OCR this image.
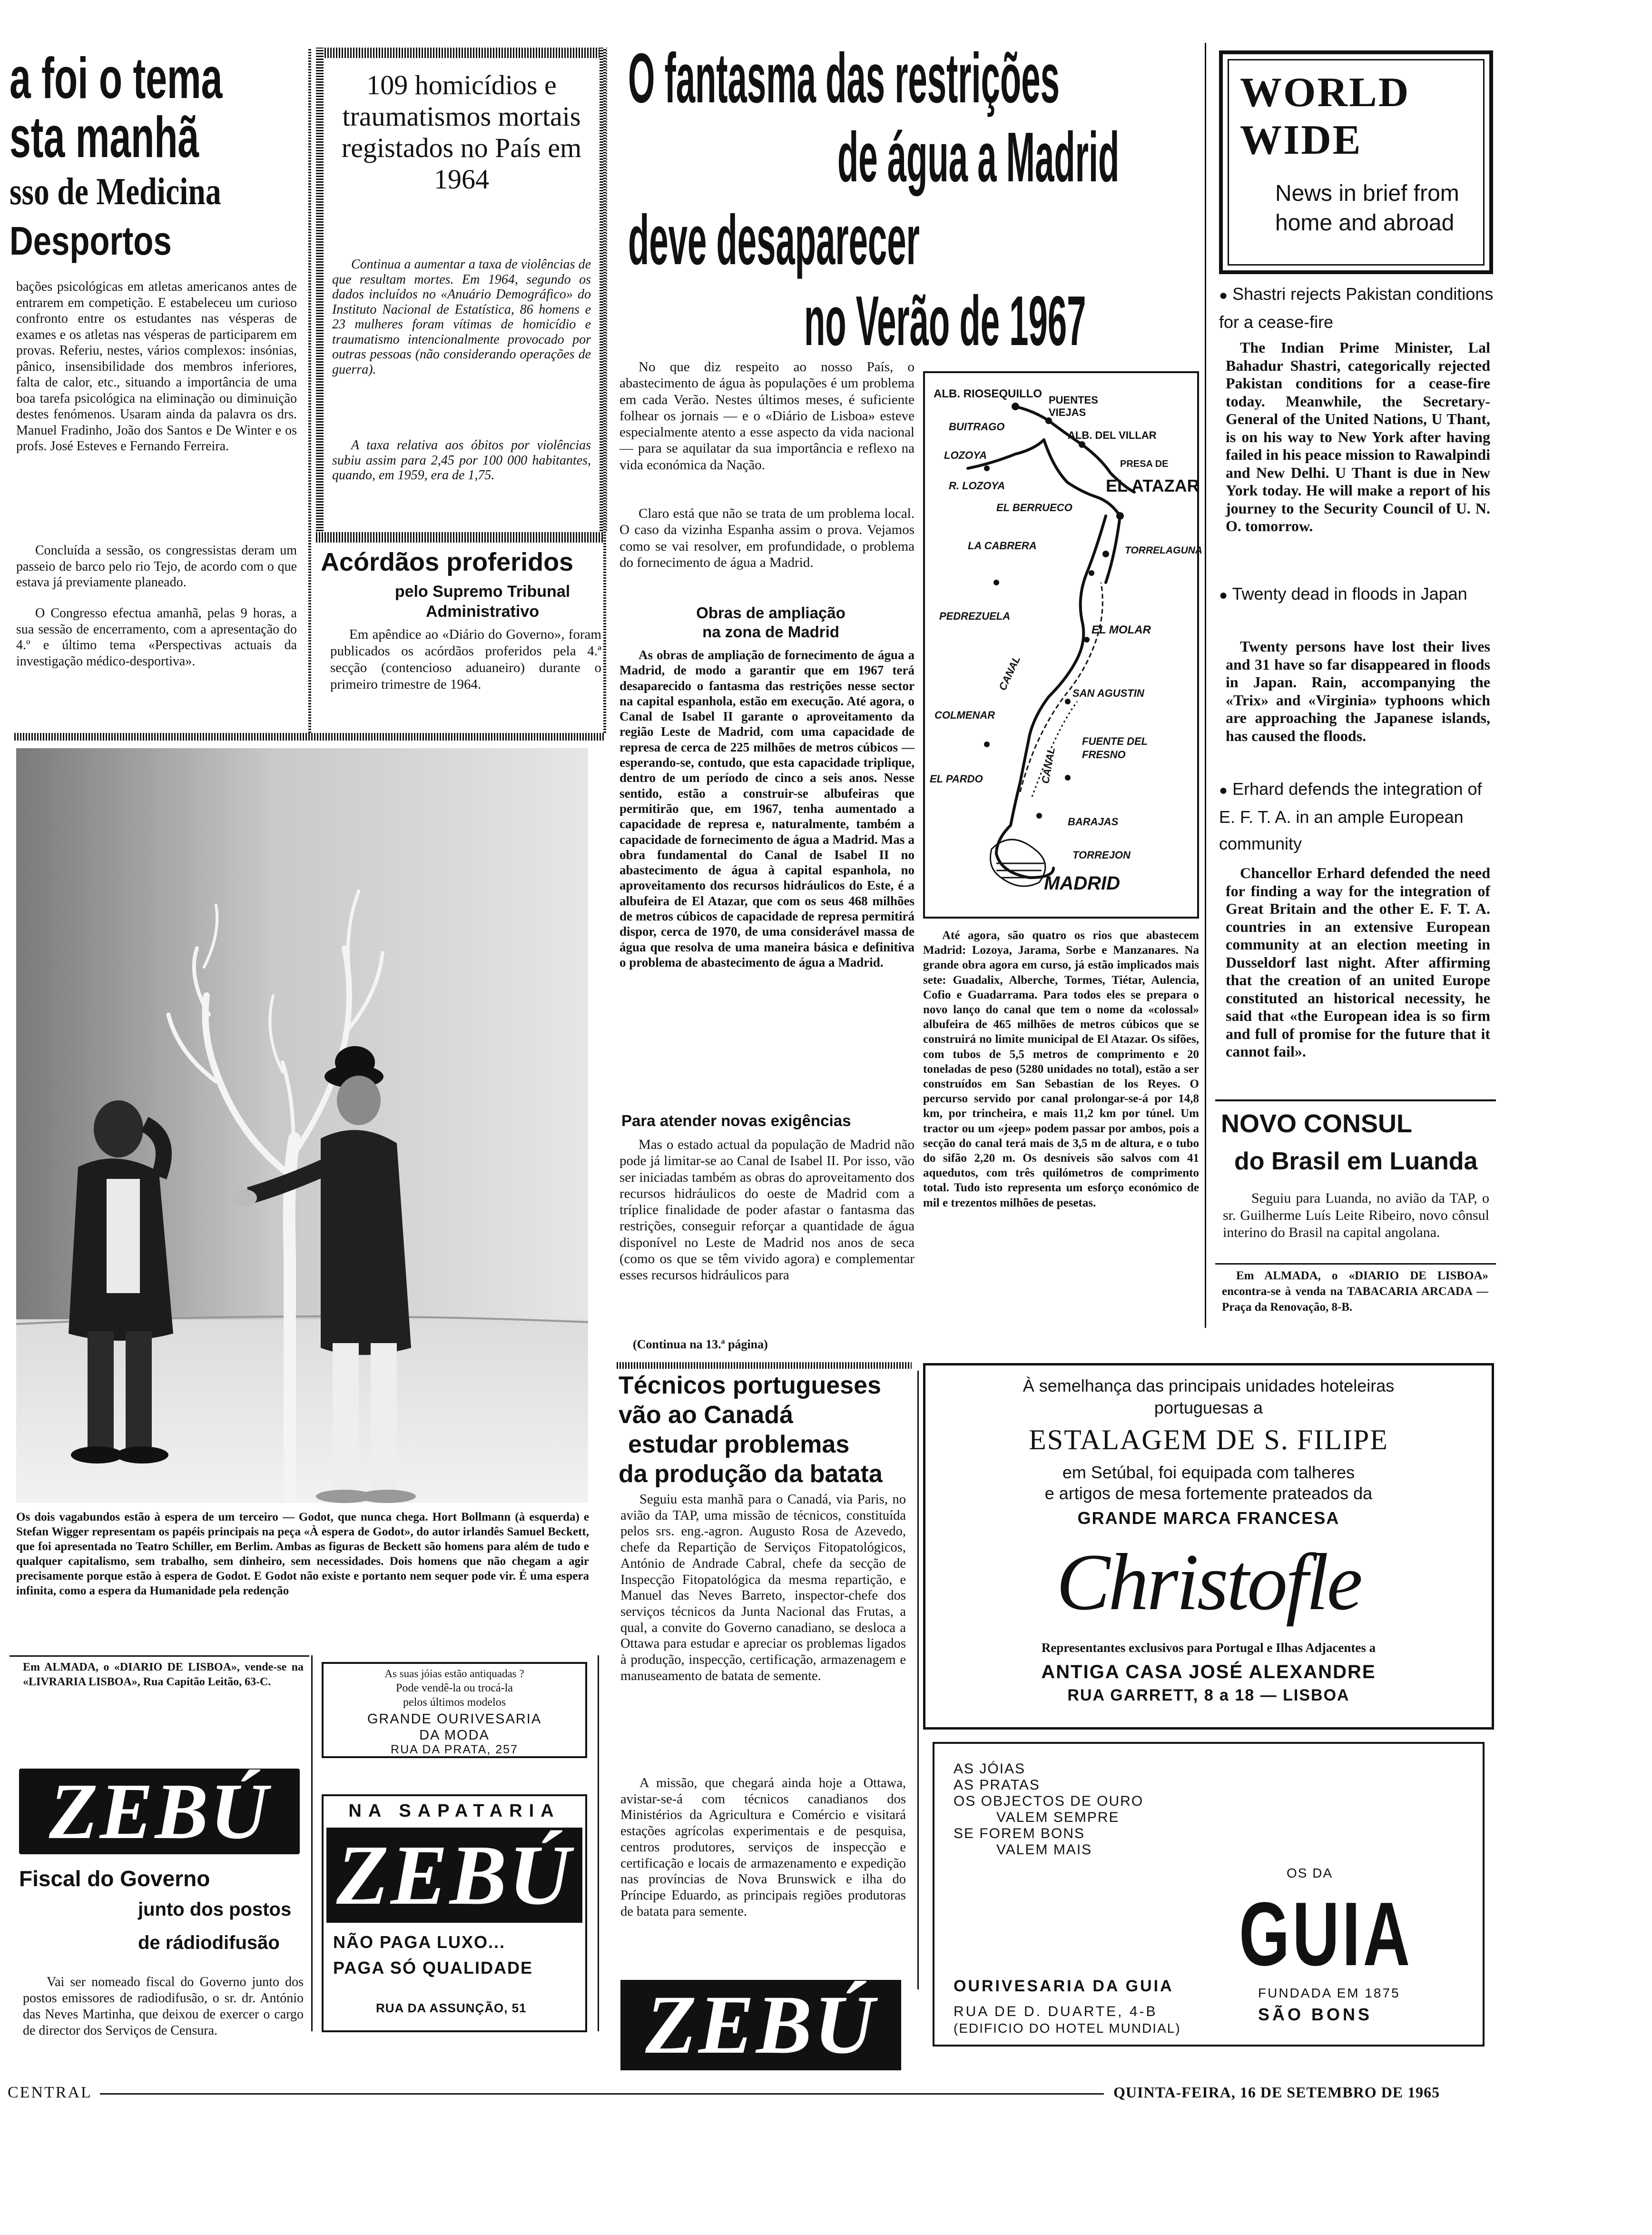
a foi o tema
sta manhã
sso de Medicina
Desportos
bações psicológicas em atletas americanos antes de entrarem em competição. E estabeleceu um curioso confronto entre os estudantes nas vésperas de exames e os atletas nas vésperas de participarem em provas. Referiu, nestes, vários complexos: insónias, pânico, insensibilidade dos membros inferiores, falta de calor, etc., situando a importância de uma boa tarefa psicológica na eliminação ou diminuição destes fenómenos. Usaram ainda da palavra os drs. Manuel Fradinho, João dos Santos e De Winter e os profs. José Esteves e Fernando Ferreira.
Concluída a sessão, os congressistas deram um passeio de barco pelo rio Tejo, de acordo com o que estava já previamente planeado.
O Congresso efectua amanhã, pelas 9 horas, a sua sessão de encerramento, com a apresentação do 4.º e último tema «Perspectivas actuais da investigação médico-desportiva».
109 homicídios e traumatismos mortais registados no País em 1964
Continua a aumentar a taxa de violências de que resultam mortes. Em 1964, segundo os dados incluídos no «Anuário Demográfico» do Instituto Nacional de Estatística, 86 homens e 23 mulheres foram vítimas de homicídio e traumatismo intencionalmente provocado por outras pessoas (não considerando operações de guerra).
A taxa relativa aos óbitos por violências subiu assim para 2,45 por 100 000 habitantes, quando, em 1959, era de 1,75.
Acórdãos proferidos
pelo Supremo Tribunal Administrativo
Em apêndice ao «Diário do Governo», foram publicados os acórdãos proferidos pela 4.ª secção (contencioso aduaneiro) durante o primeiro trimestre de 1964.
Os dois vagabundos estão à espera de um terceiro — Godot, que nunca chega. Hort Bollmann (à esquerda) e Stefan Wigger representam os papéis principais na peça «À espera de Godot», do autor irlandês Samuel Beckett, que foi apresentada no Teatro Schiller, em Berlim. Ambas as figuras de Beckett são homens para além de tudo e qualquer capitalismo, sem trabalho, sem dinheiro, sem necessidades. Dois homens que não chegam a agir precisamente porque estão à espera de Godot. E Godot não existe e portanto nem sequer pode vir. É uma espera infinita, como a espera da Humanidade pela redenção
Em ALMADA, o «DIARIO DE LISBOA», vende-se na «LIVRARIA LISBOA», Rua Capitão Leitão, 63-C.
ZEBÚ
Fiscal do Governo
junto dos postos
de rádiodifusão
Vai ser nomeado fiscal do Governo junto dos postos emissores de radiodifusão, o sr. dr. António das Neves Martinha, que deixou de exercer o cargo de director dos Serviços de Censura.
As suas jóias estão antiquadas ?
Pode vendê-la ou trocá-la
pelos últimos modelos
GRANDE OURIVESARIA
DA MODA
RUA DA PRATA, 257
NA SAPATARIA
ZEBÚ
NÃO PAGA LUXO...
PAGA SÓ QUALIDADE
RUA DA ASSUNÇÃO, 51
O fantasma das restrições
de água a Madrid
deve desaparecer
no Verão de 1967
No que diz respeito ao nosso País, o abastecimento de água às populações é um problema em cada Verão. Nestes últimos meses, é suficiente folhear os jornais — e o «Diário de Lisboa» esteve especialmente atento a esse aspecto da vida nacional — para se aquilatar da sua importância e reflexo na vida económica da Nação.
Claro está que não se trata de um problema local. O caso da vizinha Espanha assim o prova. Vejamos como se vai resolver, em profundidade, o problema do fornecimento de água a Madrid.
Obras de ampliação na zona de Madrid
As obras de ampliação de fornecimento de água a Madrid, de modo a garantir que em 1967 terá desaparecido o fantasma das restrições nesse sector na capital espanhola, estão em execução. Até agora, o Canal de Isabel II garante o aproveitamento da região Leste de Madrid, com uma capacidade de represa de cerca de 225 milhões de metros cúbicos — esperando-se, contudo, que esta capacidade triplique, dentro de um período de cinco a seis anos. Nesse sentido, estão a construir-se albufeiras que permitirão que, em 1967, tenha aumentado a capacidade de represa e, naturalmente, também a capacidade de fornecimento de água a Madrid. Mas a obra fundamental do Canal de Isabel II no abastecimento de água à capital espanhola, no aproveitamento dos recursos hidráulicos do Este, é a albufeira de El Atazar, que com os seus 468 milhões de metros cúbicos de capacidade de represa permitirá dispor, cerca de 1970, de uma considerável massa de água que resolva de uma maneira básica e definitiva o problema de abastecimento de água a Madrid.
Para atender novas exigências
Mas o estado actual da população de Madrid não pode já limitar-se ao Canal de Isabel II. Por isso, vão ser iniciadas também as obras do aproveitamento dos recursos hidráulicos do oeste de Madrid com a tríplice finalidade de poder afastar o fantasma das restrições, conseguir reforçar a quantidade de água disponível no Leste de Madrid nos anos de seca (como os que se têm vivido agora) e complementar esses recursos hidráulicos para
(Continua na 13.ª página)
ALB. RIOSEQUILLO PUENTES VIEJAS
ALB. DEL VILLAR
BUITRAGO
LOZOYA
R. LOZOYA
PRESA DE
EL ATAZAR
EL BERRUECO
LA CABRERA	TORRELAGUNA
PEDREZUELA
EL MOLAR
CANAL
COLMENAR
SAN AGUSTIN
FUENTE DEL FRESNO
CANAL
EL PARDO
BARAJAS
TORREJON
MADRID
Até agora, são quatro os rios que abastecem Madrid: Lozoya, Jarama, Sorbe e Manzanares. Na grande obra agora em curso, já estão implicados mais sete: Guadalix, Alberche, Tormes, Tiétar, Aulencia, Cofio e Guadarrama. Para todos eles se prepara o novo lanço do canal que tem o nome da «colossal» albufeira de 465 milhões de metros cúbicos que se construirá no limite municipal de El Atazar. Os sifões, com tubos de 5,5 metros de comprimento e 20 toneladas de peso (5280 unidades no total), estão a ser construídos em San Sebastian de los Reyes. O percurso servido por canal prolongar-se-á por 14,8 km, por trincheira, e mais 11,2 km por túnel. Um tractor ou um «jeep» podem passar por ambos, pois a secção do canal terá mais de 3,5 m de altura, e o tubo do sifão 2,20 m. Os desníveis são salvos com 41 aquedutos, com três quilómetros de comprimento total. Tudo isto representa um esforço económico de mil e trezentos milhões de pesetas.
Técnicos portugueses
vão ao Canadá
estudar problemas
da produção da batata
Seguiu esta manhã para o Canadá, via Paris, no avião da TAP, uma missão de técnicos, constituída pelos srs. eng.-agron. Augusto Rosa de Azevedo, chefe da Repartição de Serviços Fitopatológicos, António de Andrade Cabral, chefe da secção de Inspecção Fitopatológica da mesma repartição, e Manuel das Neves Barreto, inspector-chefe dos serviços técnicos da Junta Nacional das Frutas, a qual, a convite do Governo canadiano, se desloca a Ottawa para estudar e apreciar os problemas ligados à produção, inspecção, certificação, armazenagem e manuseamento de batata de semente.
A missão, que chegará ainda hoje a Ottawa, avistar-se-á com técnicos canadianos dos Ministérios da Agricultura e Comércio e visitará estações agrícolas experimentais e de pesquisa, centros produtores, serviços de inspecção e certificação e locais de armazenamento e expedição nas províncias de Nova Brunswick e ilha do Príncipe Eduardo, as principais regiões produtoras de batata para semente.
ZEBÚ
WORLD
WIDE
News in brief from home and abroad
● Shastri rejects Pakistan conditions for a cease-fire
The Indian Prime Minister, Lal Bahadur Shastri, categorically rejected Pakistan conditions for a cease-fire today. Meanwhile, the Secretary-General of the United Nations, U Thant, is on his way to New York after having failed in his peace mission to Rawalpindi and New Delhi. U Thant is due in New York today. He will make a report of his journey to the Security Council of U. N. O. tomorrow.
● Twenty dead in floods in Japan
Twenty persons have lost their lives and 31 have so far disappeared in floods in Japan. Rain, accompanying the «Trix» and «Virginia» typhoons which are approaching the Japanese islands, has caused the floods.
● Erhard defends the integration of E. F. T. A. in an ample European community
Chancellor Erhard defended the need for finding a way for the integration of Great Britain and the other E. F. T. A. countries in an extensive European community at an election meeting in Dusseldorf last night. After affirming that the creation of an united Europe constituted an historical necessity, he said that «the European idea is so firm and full of promise for the future that it cannot fail».
NOVO CONSUL
do Brasil em Luanda
Seguiu para Luanda, no avião da TAP, o sr. Guilherme Luís Leite Ribeiro, novo cônsul interino do Brasil na capital angolana.
Em ALMADA, o «DIARIO DE LISBOA» encontra-se à venda na TABACARIA ARCADA — Praça da Renovação, 8-B.
À semelhança das principais unidades hoteleiras
portuguesas a
ESTALAGEM DE S. FILIPE
em Setúbal, foi equipada com talheres
e artigos de mesa fortemente prateados da
GRANDE MARCA FRANCESA
Christofle
Representantes exclusivos para Portugal e Ilhas Adjacentes a
ANTIGA CASA JOSÉ ALEXANDRE
RUA GARRETT, 8 a 18 — LISBOA
AS JÓIAS
AS PRATAS
OS OBJECTOS DE OURO
VALEM SEMPRE
SE FOREM BONS
VALEM MAIS
OS DA
GUIA
FUNDADA EM 1875
SÃO BONS
OURIVESARIA DA GUIA
RUA DE D. DUARTE, 4-B
(EDIFICIO DO HOTEL MUNDIAL)
CENTRAL	QUINTA-FEIRA, 16 DE SETEMBRO DE 1965
